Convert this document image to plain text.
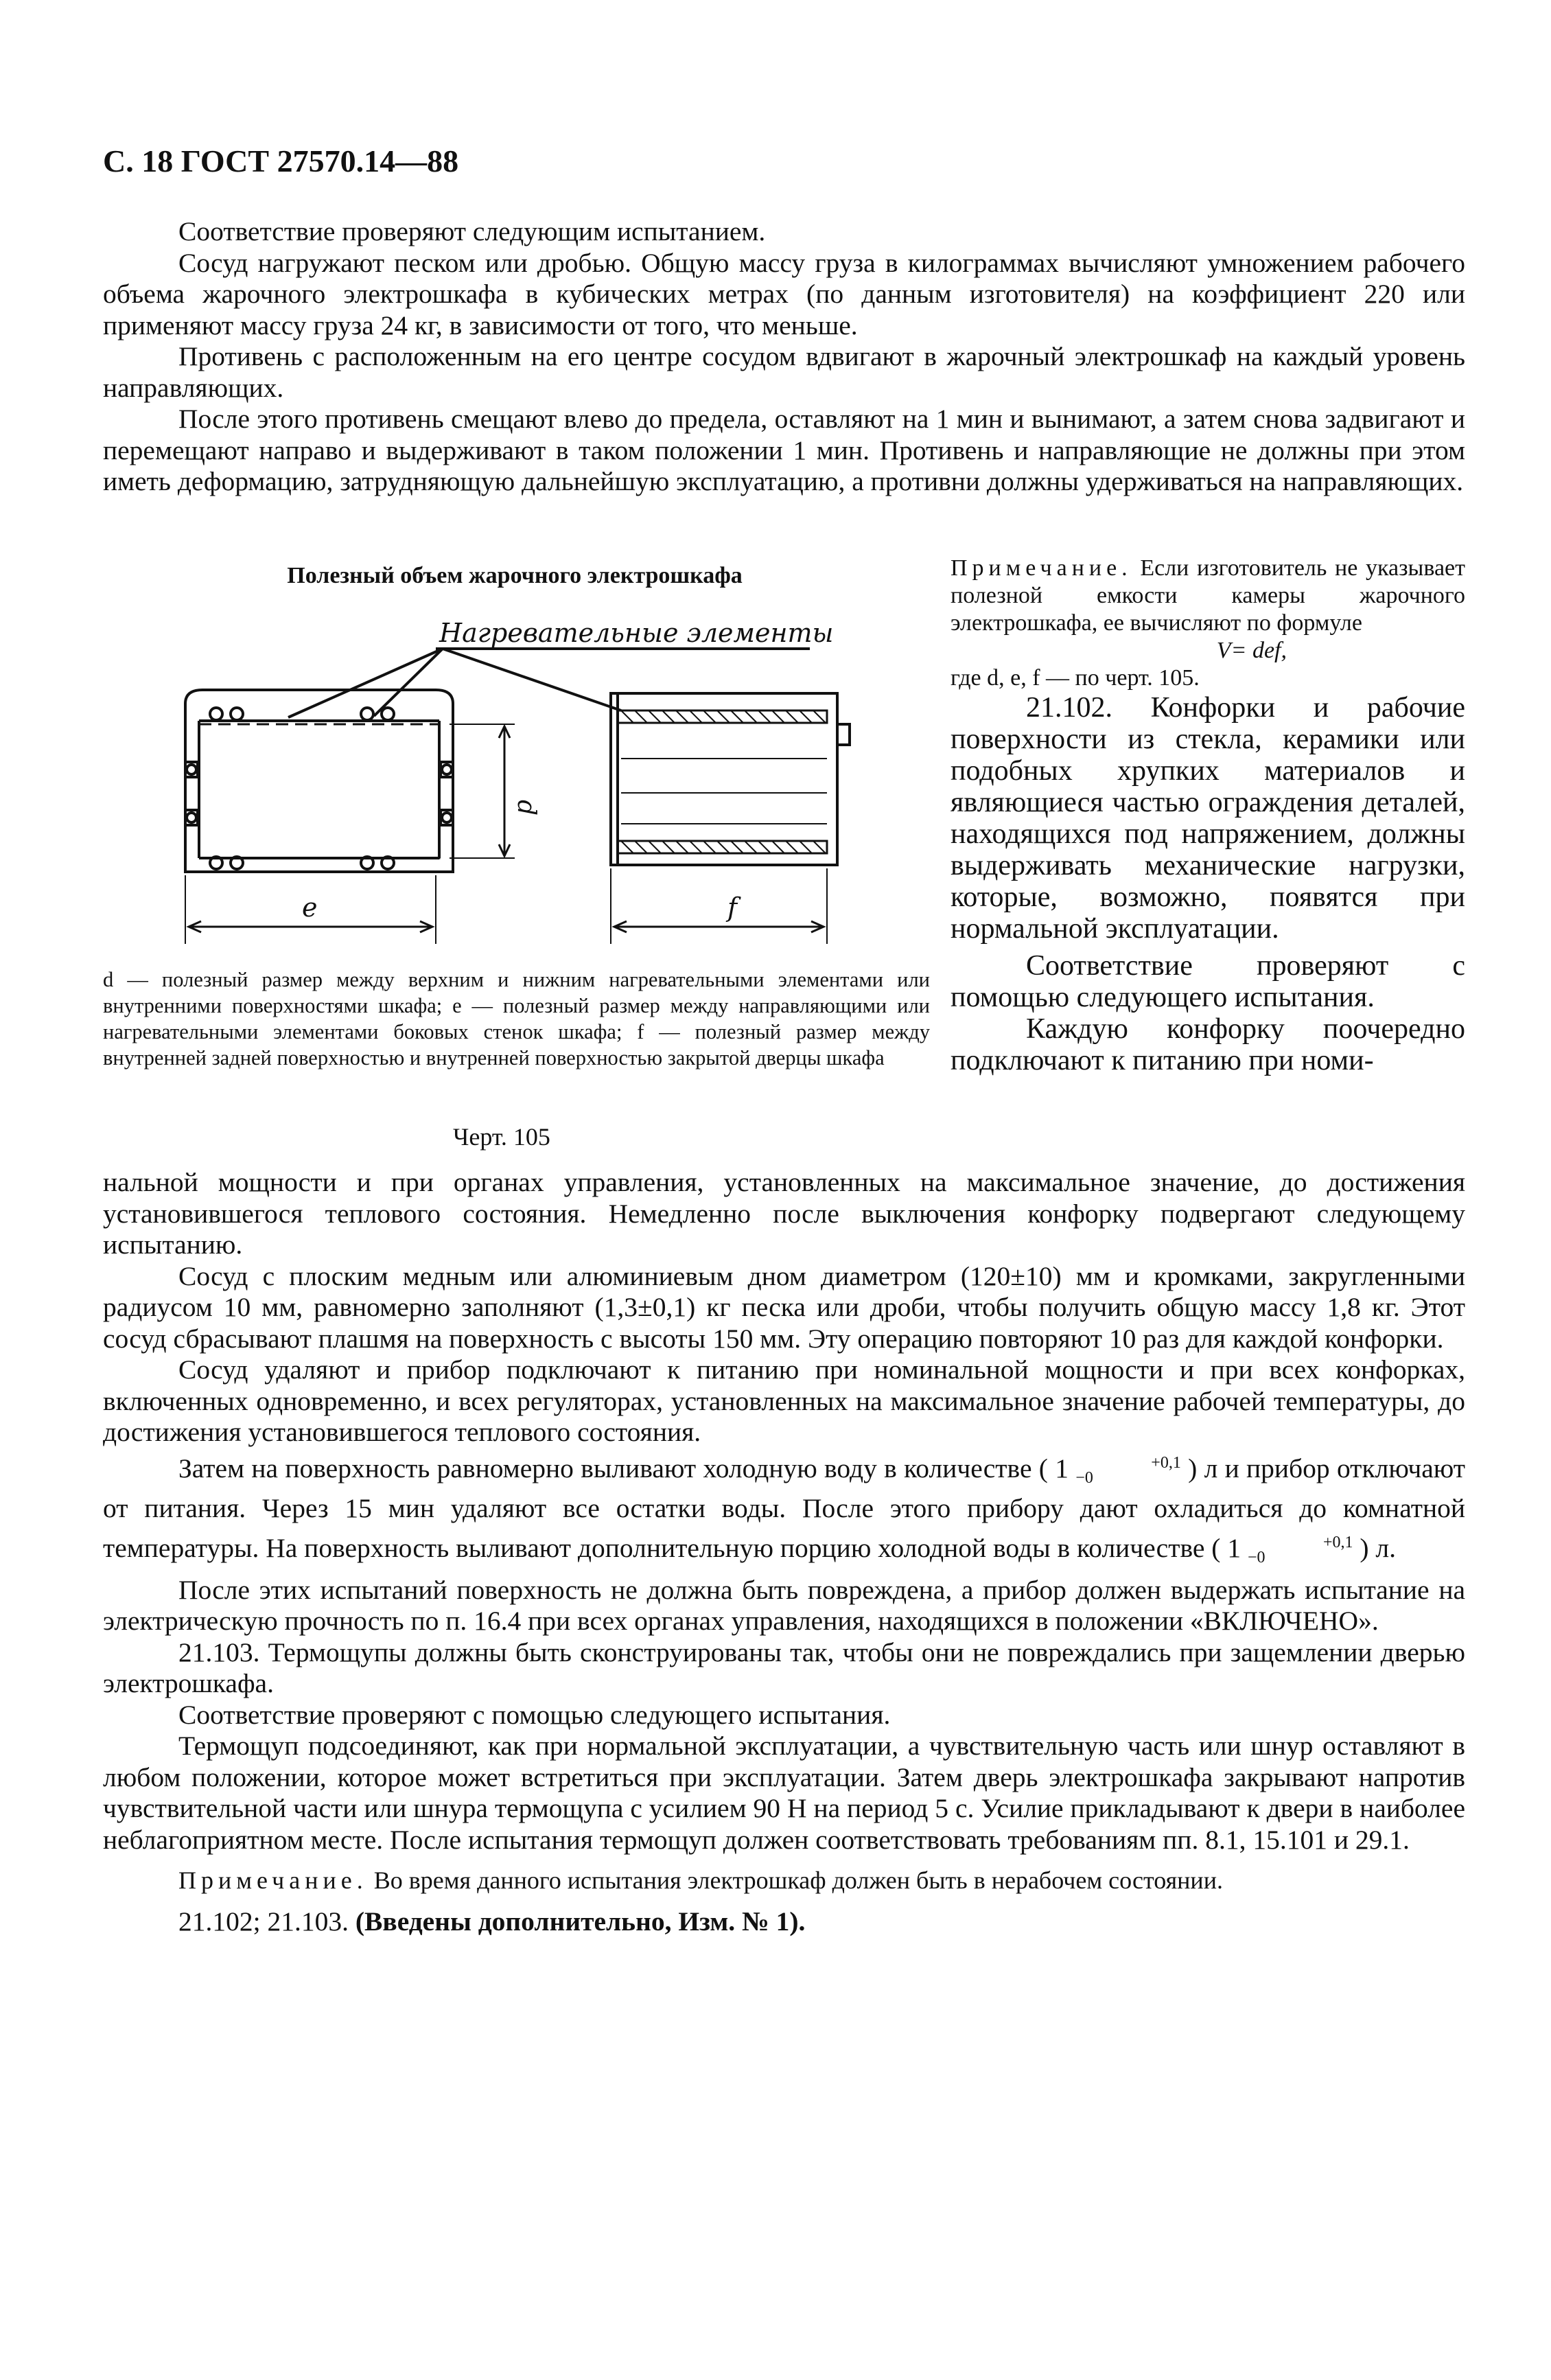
С. 18 ГОСТ 27570.14—88

Соответствие проверяют следующим испытанием.

Сосуд нагружают песком или дробью. Общую массу груза в килограммах вычисляют умножением рабочего объема жарочного электрошкафа в кубических метрах (по данным изготовителя) на коэффициент 220 или применяют массу груза 24 кг, в зависимости от того, что меньше.

Противень с расположенным на его центре сосудом вдвигают в жарочный электрошкаф на каждый уровень направляющих.

После этого противень смещают влево до предела, оставляют на 1 мин и вынимают, а затем снова задвигают и перемещают направо и выдерживают в таком положении 1 мин. Противень и направляющие не должны при этом иметь деформацию, затрудняющую дальнейшую эксплуатацию, а противни должны удерживаться на направляющих.

Полезный объем жарочного электрошкафа
Нагревательные элементы
d
e	f
d — полезный размер между верхним и нижним нагревательными элементами или внутренними поверхностями шкафа; e — полезный размер между направляющими или нагревательными элементами боковых стенок шкафа; f — полезный размер между внутренней задней поверхностью и внутренней поверхностью закрытой дверцы шкафа
Черт. 105

Примечание. Если изготовитель не указывает полезной емкости камеры жарочного электрошкафа, ее вычисляют по формуле

V= def,

где d, e, f — по черт. 105.

21.102. Конфорки и рабочие поверхности из стекла, керамики или подобных хрупких материалов и являющиеся частью ограждения деталей, находящихся под напряжением, должны выдерживать механические нагрузки, которые, возможно, появятся при нормальной эксплуатации.

Соответствие проверяют с помощью следующего испытания.

Каждую конфорку поочередно подключают к питанию при номи-

нальной мощности и при органах управления, установленных на максимальное значение, до достижения установившегося теплового состояния. Немедленно после выключения конфорку подвергают следующему испытанию.

Сосуд с плоским медным или алюминиевым дном диаметром (120±10) мм и кромками, закругленными радиусом 10 мм, равномерно заполняют (1,3±0,1) кг песка или дроби, чтобы получить общую массу 1,8 кг. Этот сосуд сбрасывают плашмя на поверхность с высоты 150 мм. Эту операцию повторяют 10 раз для каждой конфорки.

Сосуд удаляют и прибор подключают к питанию при номинальной мощности и при всех конфорках, включенных одновременно, и всех регуляторах, установленных на максимальное значение рабочей температуры, до достижения установившегося теплового состояния.

Затем на поверхность равномерно выливают холодную воду в количестве ( 1	+0,1
−0	) л и прибор отключают от питания. Через 15 мин удаляют все остатки воды. После этого прибору дают охладиться до комнатной температуры. На поверхность выливают дополнительную порцию холодной воды в количестве ( 1	+0,1
−0	) л.

После этих испытаний поверхность не должна быть повреждена, а прибор должен выдержать испытание на электрическую прочность по п. 16.4 при всех органах управления, находящихся в положении «ВКЛЮЧЕНО».

21.103. Термощупы должны быть сконструированы так, чтобы они не повреждались при защемлении дверью электрошкафа.

Соответствие проверяют с помощью следующего испытания.

Термощуп подсоединяют, как при нормальной эксплуатации, а чувствительную часть или шнур оставляют в любом положении, которое может встретиться при эксплуатации. Затем дверь электрошкафа закрывают напротив чувствительной части или шнура термощупа с усилием 90 Н на период 5 с. Усилие прикладывают к двери в наиболее неблагоприятном месте. После испытания термощуп должен соответствовать требованиям пп. 8.1, 15.101 и 29.1.

Примечание. Во время данного испытания электрошкаф должен быть в нерабочем состоянии.

21.102; 21.103. (Введены дополнительно, Изм. № 1).
